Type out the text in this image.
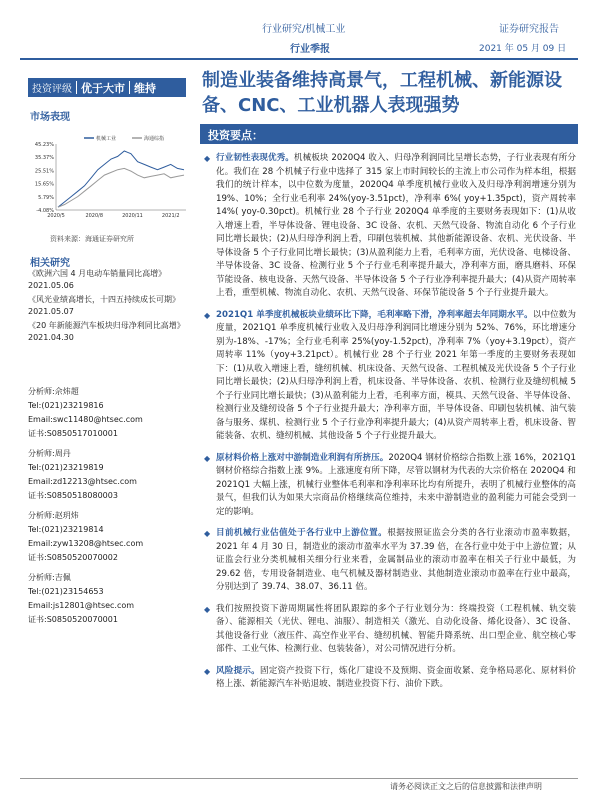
行业研究/机械工业
行业季报
证券研究报告
2021 年 05 月 09 日
投资评级 优于大市 维持
市场表现
机械工业	海通综指
45.23%
35.37%
25.51%
15.65%
5.79%
-4.08%
2020/5	2020/8	2020/11	2021/2
资料来源：海通证券研究所
相关研究
《欧洲六国 4 月电动车销量同比高增》
2021.05.06
《风光业绩高增长，十四五持续成长可期》
2021.05.07
《20 年新能源汽车板块归母净利同比高增》
2021.04.30
分析师:佘炜超
Tel:(021)23219816
Email:swc11480@htsec.com
证书:S0850517010001
分析师:周丹
Tel:(021)23219819
Email:zd12213@htsec.com
证书:S0850518080003
分析师:赵玥炜
Tel:(021)23219814
Email:zyw13208@htsec.com
证书:S0850520070002
分析师:吉佩
Tel:(021)23154653
Email:js12801@htsec.com
证书:S0850520070001
制造业装备维持高景气，工程机械、新能源设备、CNC、工业机器人表现强势
投资要点：
◆ 行业韧性表现优秀。机械板块 2020Q4 收入、归母净利润同比呈增长态势，子行业表现有所分化。我们在 28 个机械子行业中选择了 315 家上市时间较长的主流上市公司作为样本组，根据我们的统计样本，以中位数为度量，2020Q4 单季度机械行业收入及归母净利润增速分别为 19%、10%；全行业毛利率 24%(yoy-3.51pct)，净利率 6%( yoy+1.35pct)，资产周转率 14%( yoy-0.30pct)。机械行业 28 个子行业 2020Q4 单季度的主要财务表现如下：(1)从收入增速上看，半导体设备、锂电设备、3C 设备、农机、天然气设备、物流自动化 6 个子行业同比增长最快；(2)从归母净利润上看，印刷包装机械、其他新能源设备、农机、光伏设备、半导体设备 5 个子行业同比增长最快；(3)从盈利能力上看，毛利率方面，光伏设备、电梯设备、半导体设备、3C 设备、检测行业 5 个子行业毛利率提升最大，净利率方面，磨具磨料、环保节能设备、核电设备、天然气设备、半导体设备 5 个子行业净利率提升最大；(4)从资产周转率上看，重型机械、物流自动化、农机、天然气设备、环保节能设备 5 个子行业提升最大。
◆ 2021Q1 单季度机械板块业绩环比下降，毛利率略下滑，净利率超去年同期水平。以中位数为度量，2021Q1 单季度机械行业收入及归母净利润同比增速分别为 52%、76%，环比增速分别为-18%、-17%；全行业毛利率 25%(yoy-1.52pct)，净利率 7%（yoy+3.19pct），资产周转率 11%（yoy+3.21pct）。机械行业 28 个子行业 2021 年第一季度的主要财务表现如下：(1)从收入增速上看，缝纫机械、机床设备、天然气设备、工程机械及光伏设备 5 个子行业同比增长最快；(2)从归母净利润上看，机床设备、半导体设备、农机、检测行业及缝纫机械 5 个子行业同比增长最快；(3)从盈利能力上看，毛利率方面，模具、天然气设备、半导体设备、检测行业及缝纫设备 5 个子行业提升最大；净利率方面，半导体设备、印刷包装机械、油气装备与服务、煤机、检测行业 5 个子行业净利率提升最大；(4)从资产周转率上看，机床设备、智能装备、农机、缝纫机械、其他设备 5 个子行业提升最大。
◆ 原材料价格上涨对中游制造业利润有所挤压。2020Q4 钢材价格综合指数上涨 16%，2021Q1 钢材价格综合指数上涨 9%。上涨速度有所下降，尽管以钢材为代表的大宗价格在 2020Q4 和 2021Q1 大幅上涨，机械行业整体毛利率和净利率环比均有所提升，表明了机械行业整体的高景气，但我们认为如果大宗商品价格继续高位维持，未来中游制造业的盈利能力可能会受到一定的影响。
◆ 目前机械行业估值处于各行业中上游位置。根据按照证监会分类的各行业滚动市盈率数据，2021 年 4 月 30 日，制造业的滚动市盈率水平为 37.39 倍，在各行业中处于中上游位置；从证监会行业分类机械相关细分行业来看，金属制品业的滚动市盈率在相关子行业中最低，为 29.62 倍，专用设备制造业、电气机械及器材制造业、其他制造业滚动市盈率在行业中最高，分别达到了 39.74、38.07、36.11 倍。
◆ 我们按照投资下游周期属性将团队跟踪的多个子行业划分为：终端投资（工程机械、轨交装备）、能源相关（光伏、锂电、油服）、制造相关（激光、自动化设备、烯化设备）、3C 设备、其他设备行业（液压件、高空作业平台、缝纫机械、智能升降系统、出口型企业、航空核心零部件、工业气体、检测行业、包装装备），对公司情况进行分析。
◆ 风险提示。固定资产投资下行，炼化厂建设不及预期、资金面收紧、竞争格局恶化、原材料价格上涨、新能源汽车补贴退坡、制造业投资下行、油价下跌。
请务必阅读正文之后的信息披露和法律声明
